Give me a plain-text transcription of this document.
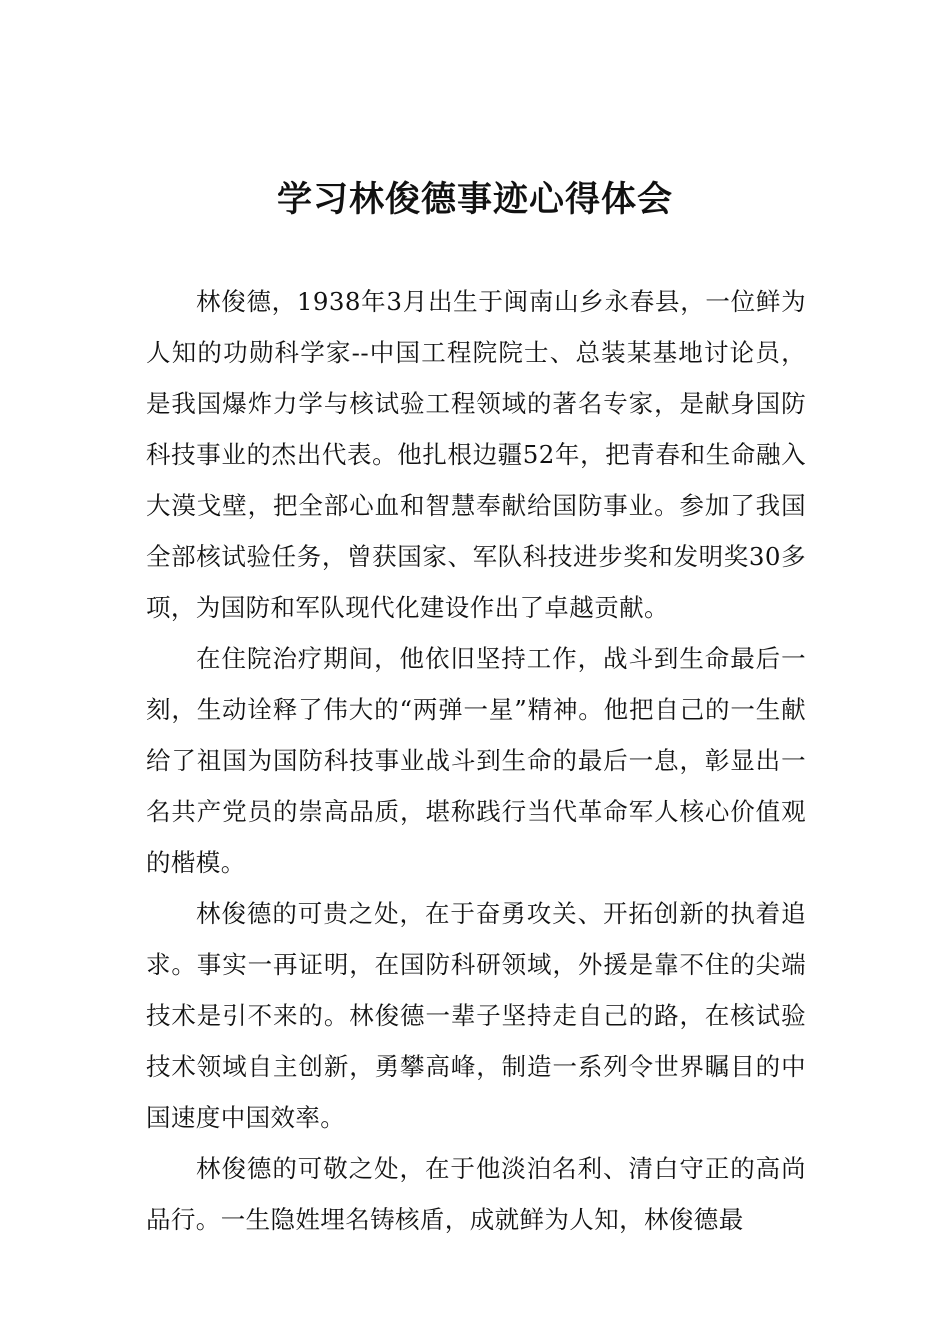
学习林俊德事迹心得体会

林俊德，1938年3月出生于闽南山乡永春县，一位鲜为人知的功勋科学家--中国工程院院士、总装某基地讨论员，是我国爆炸力学与核试验工程领域的著名专家，是献身国防科技事业的杰出代表。他扎根边疆52年，把青春和生命融入大漠戈壁，把全部心血和智慧奉献给国防事业。参加了我国全部核试验任务，曾获国家、军队科技进步奖和发明奖30多项，为国防和军队现代化建设作出了卓越贡献。

在住院治疗期间，他依旧坚持工作，战斗到生命最后一刻，生动诠释了伟大的“两弹一星”精神。他把自己的一生献给了祖国为国防科技事业战斗到生命的最后一息，彰显出一名共产党员的崇高品质，堪称践行当代革命军人核心价值观的楷模。

林俊德的可贵之处，在于奋勇攻关、开拓创新的执着追求。事实一再证明，在国防科研领域，外援是靠不住的尖端技术是引不来的。林俊德一辈子坚持走自己的路，在核试验技术领域自主创新，勇攀高峰，制造一系列令世界瞩目的中国速度中国效率。

林俊德的可敬之处，在于他淡泊名利、清白守正的高尚品行。一生隐姓埋名铸核盾，成就鲜为人知，林俊德最
